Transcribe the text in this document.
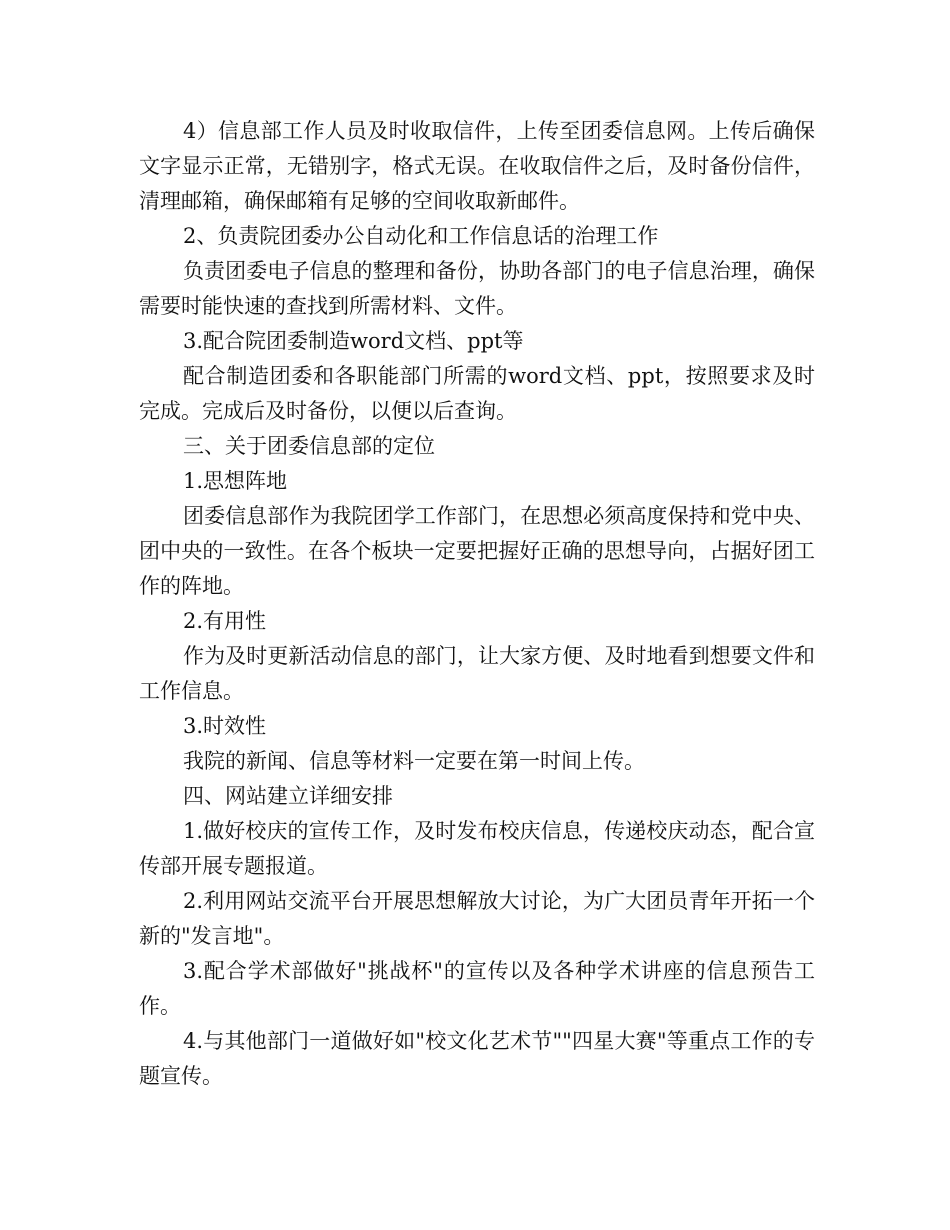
4）信息部工作人员及时收取信件，上传至团委信息网。上传后确保文字显示正常，无错别字，格式无误。在收取信件之后，及时备份信件，清理邮箱，确保邮箱有足够的空间收取新邮件。

2、负责院团委办公自动化和工作信息话的治理工作

负责团委电子信息的整理和备份，协助各部门的电子信息治理，确保需要时能快速的查找到所需材料、文件。

3.配合院团委制造word文档、ppt等

配合制造团委和各职能部门所需的word文档、ppt，按照要求及时完成。完成后及时备份，以便以后查询。

三、关于团委信息部的定位

1.思想阵地

团委信息部作为我院团学工作部门，在思想必须高度保持和党中央、团中央的一致性。在各个板块一定要把握好正确的思想导向，占据好团工作的阵地。

2.有用性

作为及时更新活动信息的部门，让大家方便、及时地看到想要文件和工作信息。

3.时效性

我院的新闻、信息等材料一定要在第一时间上传。

四、网站建立详细安排

1.做好校庆的宣传工作，及时发布校庆信息，传递校庆动态，配合宣传部开展专题报道。

2.利用网站交流平台开展思想解放大讨论，为广大团员青年开拓一个新的"发言地"。

3.配合学术部做好"挑战杯"的宣传以及各种学术讲座的信息预告工作。

4.与其他部门一道做好如"校文化艺术节""四星大赛"等重点工作的专题宣传。
